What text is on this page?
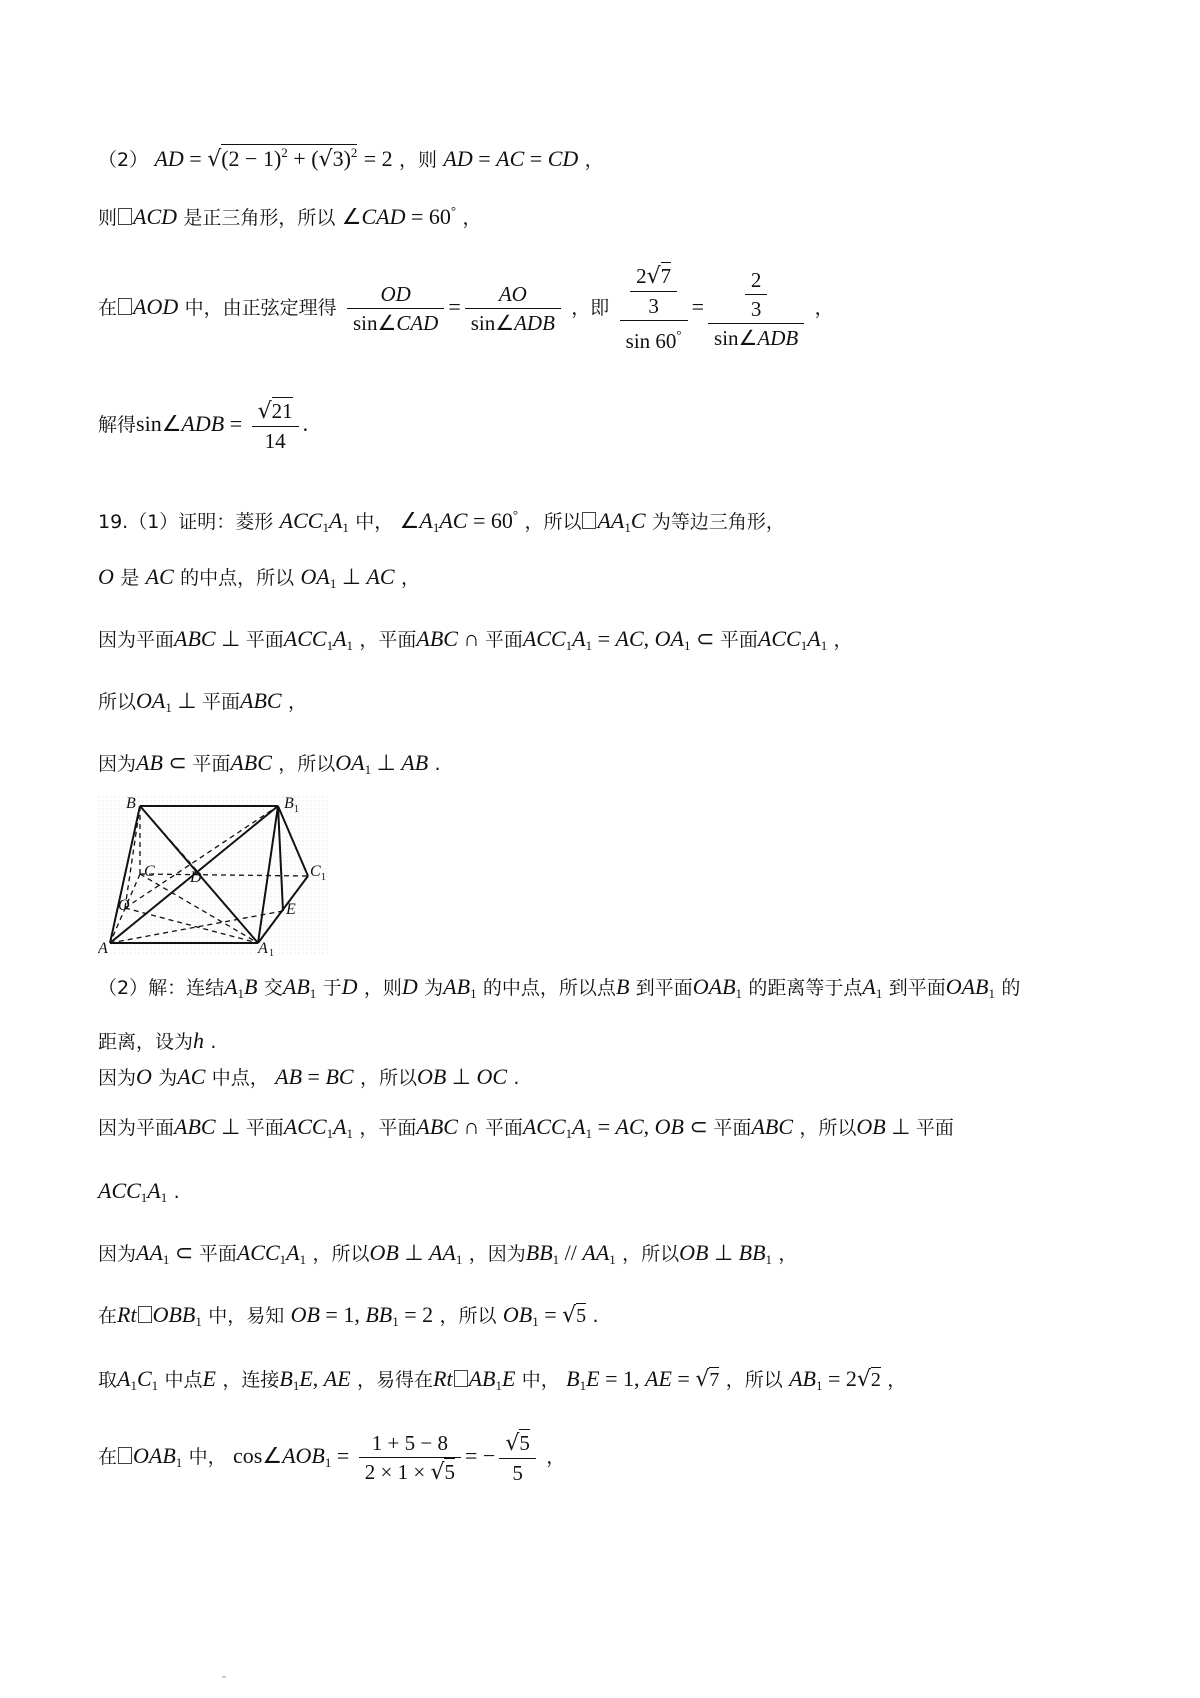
（2） AD = $√(2 - 1)^2 + (√3)^2 = 2$ ，则 AD = AC = CD ，
则 ACD 是正三角形，所以 ∠CAD = 60° ，
在 AOD 中，由正弦定理得 $\frac{OD}{\text{sin∠CAD}} = \frac{AO}{\text{sin∠ADB}}$ ，即 $\frac{\frac{2√7}{3}}{\sin 60^\circ} = \frac{\frac{2}{3}}{\text{sin∠ADB}}$ ，
解得sin∠ADB = $\frac{√21}{14}$ .
19.（1）证明：菱形 $ACC_1A_1$ 中， $\angle A_1AC = 60^\circ$ ，所以 $AA_1C$ 为等边三角形，
O 是 AC 的中点，所以 $OA_1$ ⊥ AC ，
因为平面ABC ⊥ 平面$ACC_1A_1$ ，平面ABC ∩ 平面$ACC_1A_1$ = AC, $OA_1$ ⊂ 平面$ACC_1A_1$ ，
所以$OA_1$ ⊥ 平面ABC ，
因为AB ⊂ 平面ABC ，所以$OA_1$ ⊥ AB .
B	B 1
C D	C 1
O	E
A	A 1
（2）解：连结$A_1B$ 交$AB_1$ 于D ，则D 为$AB_1$ 的中点，所以点B 到平面$OAB_1$ 的距离等于点$A_1$ 到平面$OAB_1$ 的
距离，设为h .
因为O 为AC 中点， AB = BC ，所以OB ⊥ OC .
因为平面ABC ⊥ 平面$ACC_1A_1$ ，平面ABC ∩ 平面$ACC_1A_1$ = AC, OB ⊂ 平面ABC ，所以OB ⊥ 平面
$ACC_1A_1$ .
因为$AA_1$ ⊂ 平面$ACC_1A_1$ ，所以OB ⊥ $AA_1$ ，因为$BB_1 // AA_1$ ，所以OB ⊥ $BB_1$ ，
在Rt $OBB_1$ 中，易知 OB = 1, $BB_1 = 2$ ，所以 $OB_1 = √5$ .
取$A_1C_1$ 中点E ，连接$B_1E$, AE ，易得在Rt $AB_1E$ 中， $B_1E = 1$, AE = √7 ，所以 $AB_1 = 2√2$ ，
在 $OAB_1$ 中， $\cos\angle AOB_1 = \frac{1 + 5 - 8}{2 \times 1 \times √5}$ = − $\frac{√5}{5}$ ，
